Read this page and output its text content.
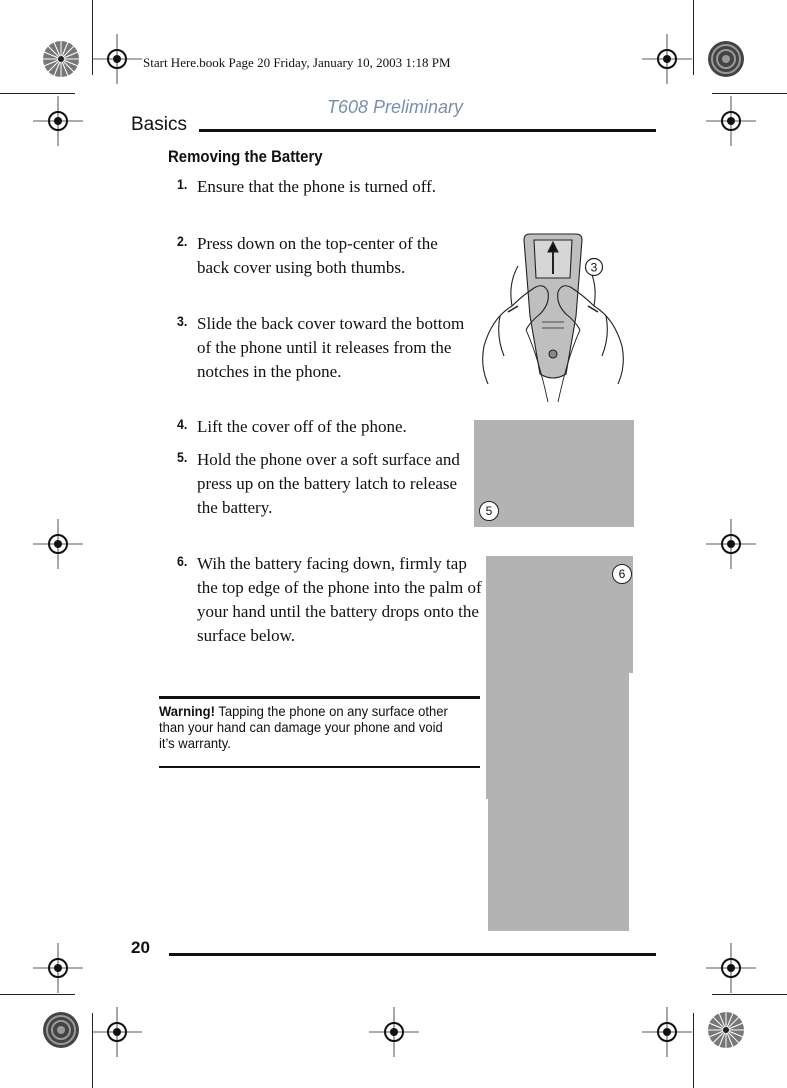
Start Here.book Page 20 Friday, January 10, 2003 1:18 PM
T608 Preliminary
Basics
Removing the Battery
1. Ensure that the phone is turned off.
2. Press down on the top-center of the back cover using both thumbs.
3. Slide the back cover toward the bottom of the phone until it releases from the notches in the phone.
4. Lift the cover off of the phone.
5. Hold the phone over a soft surface and press up on the battery latch to release the battery.
6. Wih the battery facing down, firmly tap the top edge of the phone into the palm of your hand until the battery drops onto the surface below.
3
5
6
Warning! Tapping the phone on any surface other than your hand can damage your phone and void it’s warranty.
20
